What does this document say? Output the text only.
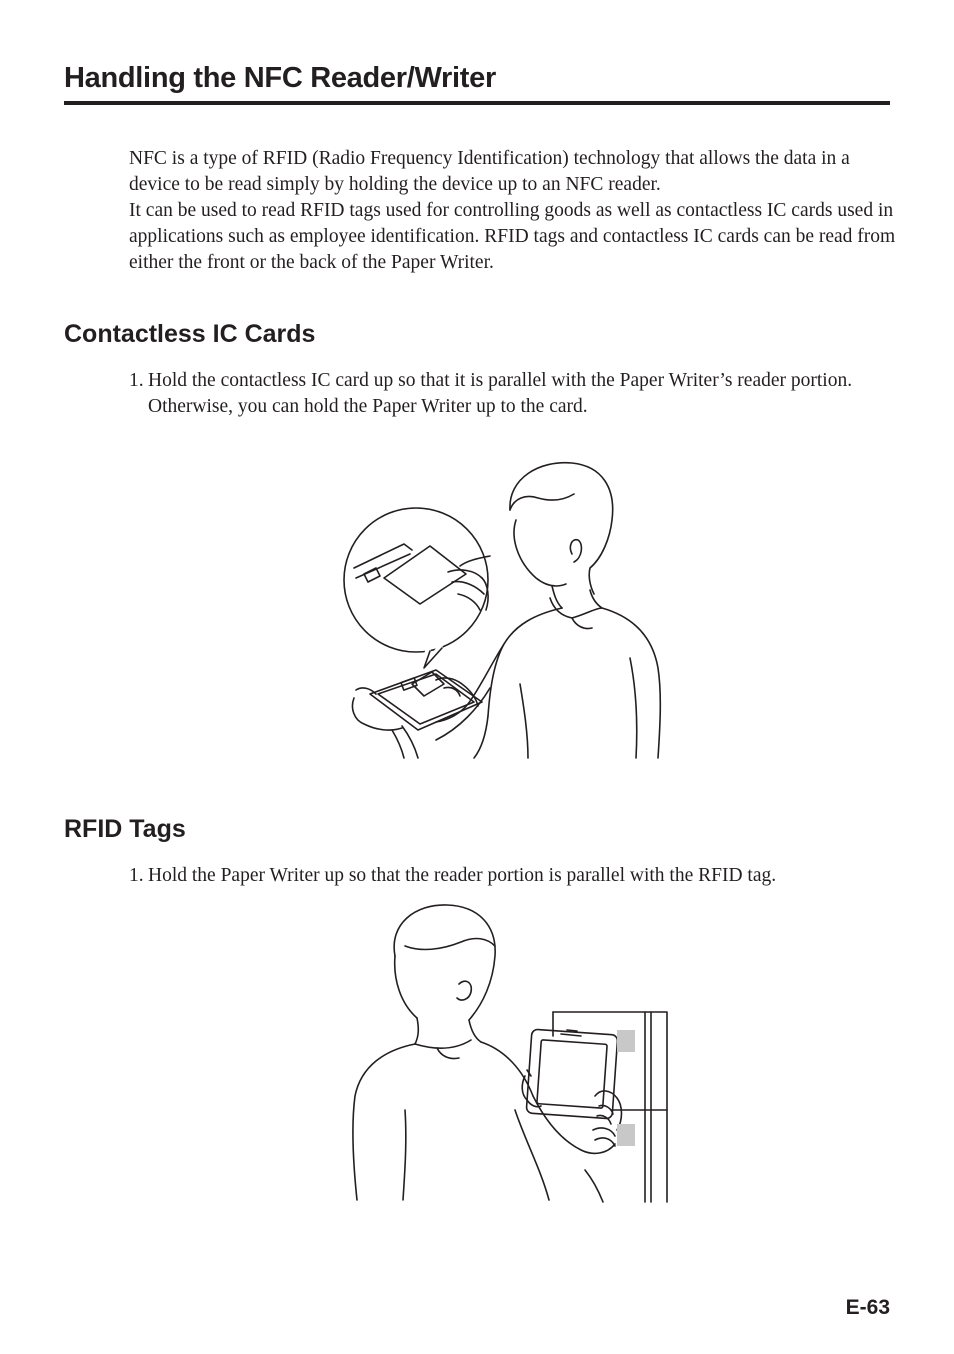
Handling the NFC Reader/Writer

NFC is a type of RFID (Radio Frequency Identification) technology that allows the data in a device to be read simply by holding the device up to an NFC reader.

It can be used to read RFID tags used for controlling goods as well as contactless IC cards used in applications such as employee identification. RFID tags and contactless IC cards can be read from either the front or the back of the Paper Writer.

Contactless IC Cards
1. Hold the contactless IC card up so that it is parallel with the Paper Writer’s reader portion.

Otherwise, you can hold the Paper Writer up to the card.

RFID Tags
1. Hold the Paper Writer up so that the reader portion is parallel with the RFID tag.

E-63
